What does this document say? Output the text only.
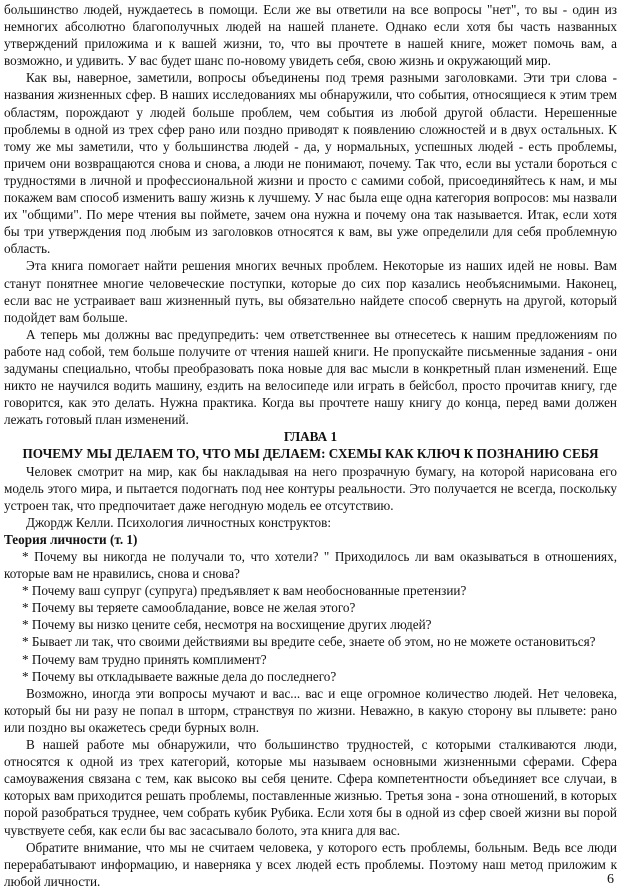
большинство людей, нуждаетесь в помощи. Если же вы ответили на все вопросы "нет", то вы - один из немногих абсолютно благополучных людей на нашей планете. Однако если хотя бы часть названных утверждений приложима и к вашей жизни, то, что вы прочтете в нашей книге, может помочь вам, а возможно, и удивить. У вас будет шанс по-новому увидеть себя, свою жизнь и окружающий мир.

Как вы, наверное, заметили, вопросы объединены под тремя разными заголовками. Эти три слова - названия жизненных сфер. В наших исследованиях мы обнаружили, что события, относящиеся к этим трем областям, порождают у людей больше проблем, чем события из любой другой области. Нерешенные проблемы в одной из трех сфер рано или поздно приводят к появлению сложностей и в двух остальных. К тому же мы заметили, что у большинства людей - да, у нормальных, успешных людей - есть проблемы, причем они возвращаются снова и снова, а люди не понимают, почему. Так что, если вы устали бороться с трудностями в личной и профессиональной жизни и просто с самими собой, присоединяйтесь к нам, и мы покажем вам способ изменить вашу жизнь к лучшему. У нас была еще одна категория вопросов: мы назвали их "общими". По мере чтения вы поймете, зачем она нужна и почему она так называется. Итак, если хотя бы три утверждения под любым из заголовков относятся к вам, вы уже определили для себя проблемную область.

Эта книга помогает найти решения многих вечных проблем. Некоторые из наших идей не новы. Вам станут понятнее многие человеческие поступки, которые до сих пор казались необъяснимыми. Наконец, если вас не устраивает ваш жизненный путь, вы обязательно найдете способ свернуть на другой, который подойдет вам больше.

А теперь мы должны вас предупредить: чем ответственнее вы отнесетесь к нашим предложениям по работе над собой, тем больше получите от чтения нашей книги. Не пропускайте письменные задания - они задуманы специально, чтобы преобразовать пока новые для вас мысли в конкретный план изменений. Еще никто не научился водить машину, ездить на велосипеде или играть в бейсбол, просто прочитав книгу, где говорится, как это делать. Нужна практика. Когда вы прочтете нашу книгу до конца, перед вами должен лежать готовый план изменений.

ГЛАВА 1

ПОЧЕМУ МЫ ДЕЛАЕМ ТО, ЧТО МЫ ДЕЛАЕМ: СХЕМЫ КАК КЛЮЧ К ПОЗНАНИЮ СЕБЯ

Человек смотрит на мир, как бы накладывая на него прозрачную бумагу, на которой нарисована его модель этого мира, и пытается подогнать под нее контуры реальности. Это получается не всегда, поскольку устроен так, что предпочитает даже негодную модель ее отсутствию.

Джордж Келли. Психология личностных конструктов:

Теория личности (т. 1)

* Почему вы никогда не получали то, что хотели? " Приходилось ли вам оказываться в отношениях, которые вам не нравились, снова и снова?

* Почему ваш супруг (супруга) предъявляет к вам необоснованные претензии?

* Почему вы теряете самообладание, вовсе не желая этого?

* Почему вы низко цените себя, несмотря на восхищение других людей?

* Бывает ли так, что своими действиями вы вредите себе, знаете об этом, но не можете остановиться?

* Почему вам трудно принять комплимент?

* Почему вы откладываете важные дела до последнего?

Возможно, иногда эти вопросы мучают и вас... вас и еще огромное количество людей. Нет человека, который бы ни разу не попал в шторм, странствуя по жизни. Неважно, в какую сторону вы плывете: рано или поздно вы окажетесь среди бурных волн.

В нашей работе мы обнаружили, что большинство трудностей, с которыми сталкиваются люди, относятся к одной из трех категорий, которые мы называем основными жизненными сферами. Сфера самоуважения связана с тем, как высоко вы себя цените. Сфера компетентности объединяет все случаи, в которых вам приходится решать проблемы, поставленные жизнью. Третья зона - зона отношений, в которых порой разобраться труднее, чем собрать кубик Рубика. Если хотя бы в одной из сфер своей жизни вы порой чувствуете себя, как если бы вас засасывало болото, эта книга для вас.

Обратите внимание, что мы не считаем человека, у которого есть проблемы, больным. Ведь все люди перерабатывают информацию, и наверняка у всех людей есть проблемы. Поэтому наш метод приложим к любой личности.	6
